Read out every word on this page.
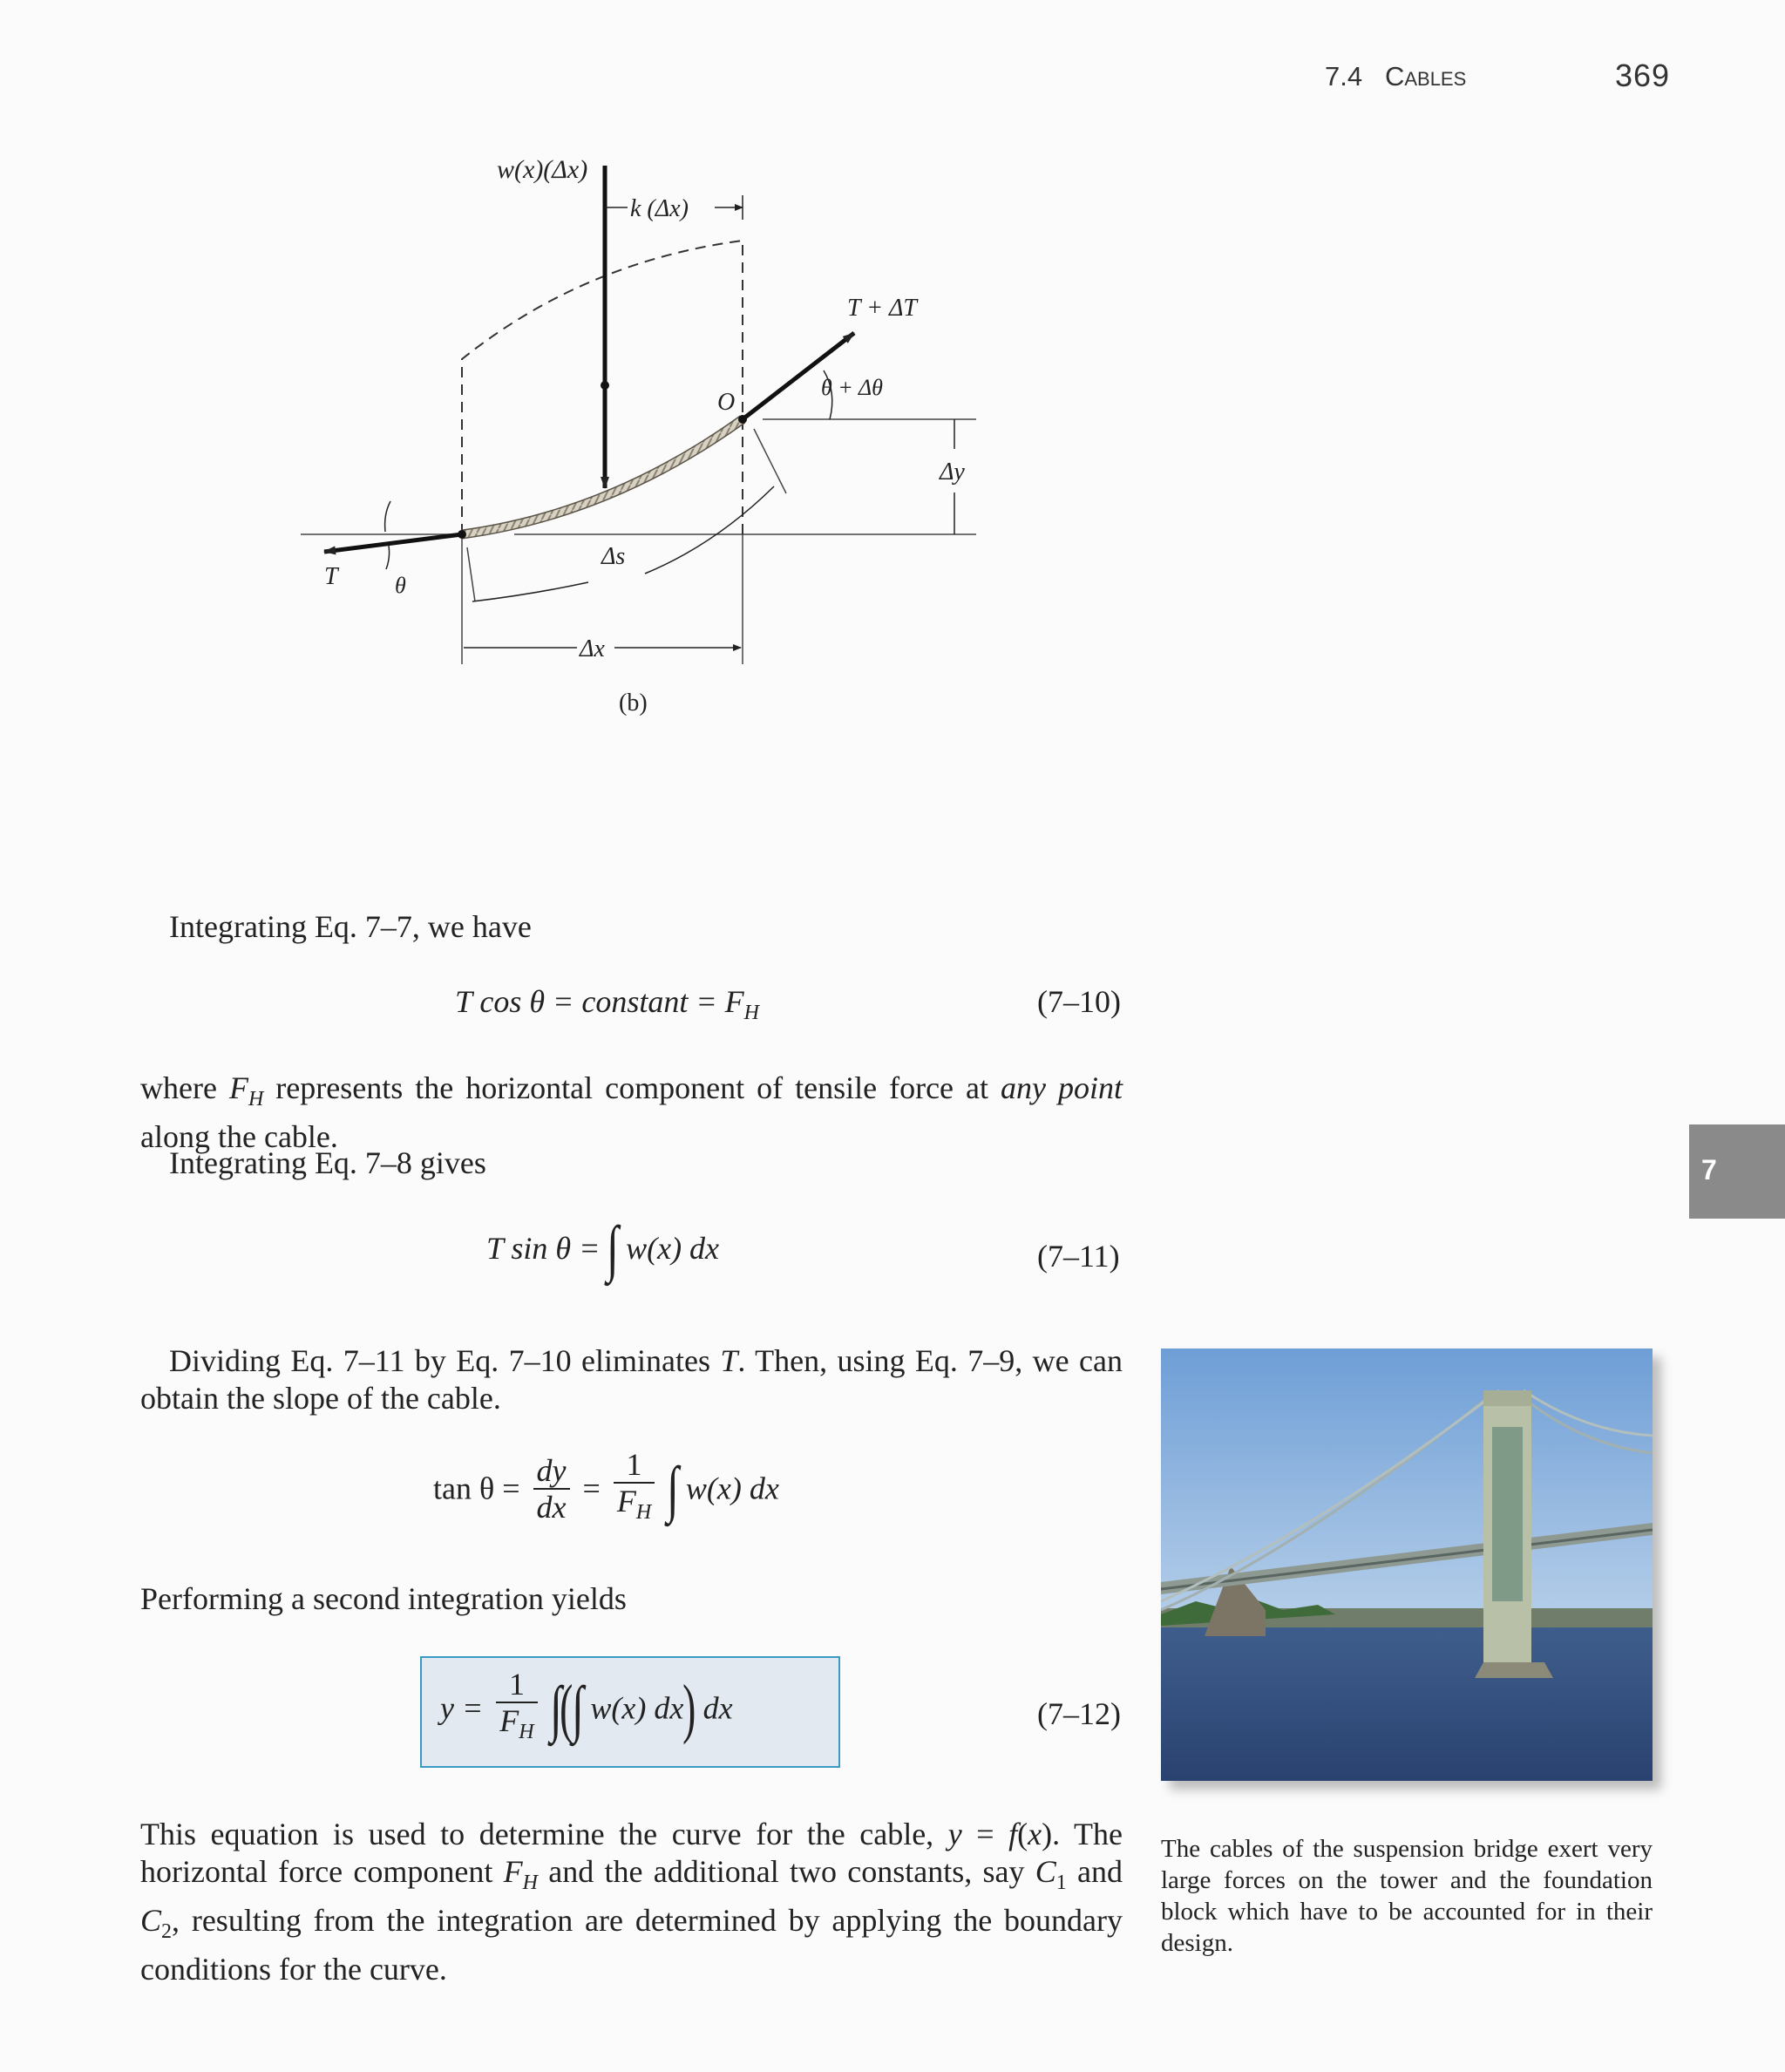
7.4 Cables	369
7
w(x)(Δx)
k (Δx)
T + ΔT
θ + Δθ
O
Δy
Δs
Δx
T	θ
(b)
Integrating Eq. 7–7, we have
T cos θ = constant = $F_H$	(7–10)
where $F_H$ represents the horizontal component of tensile force at any point along the cable.
Integrating Eq. 7–8 gives
T sin θ = ∫ w(x) dx	(7–11)
Dividing Eq. 7–11 by Eq. 7–10 eliminates T. Then, using Eq. 7–9, we can obtain the slope of the cable.
$\tan \theta = \frac{dy}{dx} = \frac{1}{F_H}$ ∫ w(x) dx
Performing a second integration yields
$y = \frac{1}{F_H}$ ∫(∫ w(x) dx) dx	(7–12)
This equation is used to determine the curve for the cable, y = f(x). The horizontal force component $F_H$ and the additional two constants, say $C_1$ and $C_2$, resulting from the integration are determined by applying the boundary conditions for the curve.
The cables of the suspension bridge exert very large forces on the tower and the foundation block which have to be accounted for in their design.
